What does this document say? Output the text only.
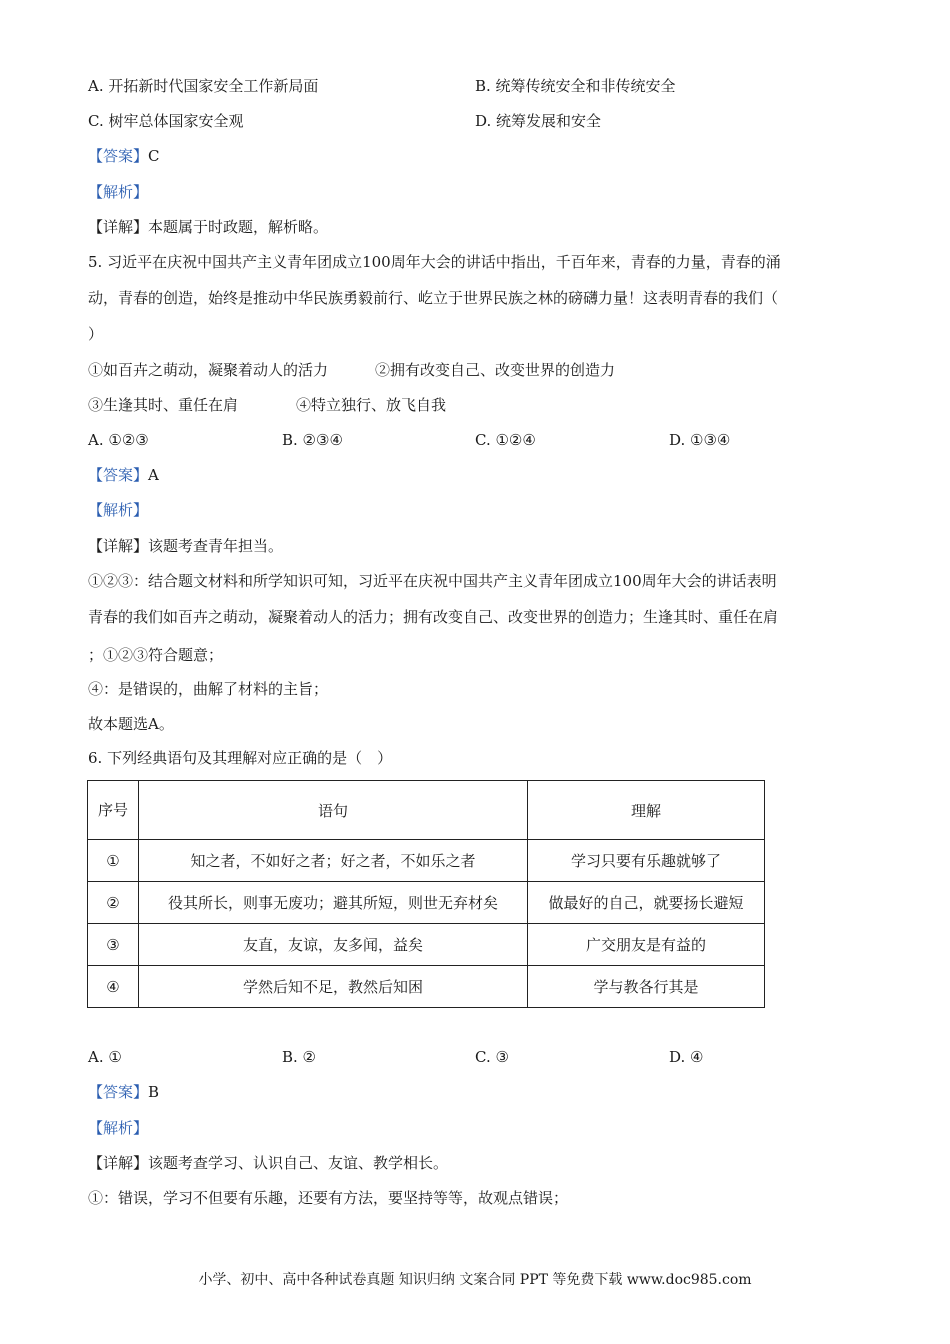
A. 开拓新时代国家安全工作新局面	B. 统筹传统安全和非传统安全
C. 树牢总体国家安全观	D. 统筹发展和安全
【答案】C
【解析】
【详解】本题属于时政题，解析略。
5. 习近平在庆祝中国共产主义青年团成立100周年大会的讲话中指出，千百年来，青春的力量，青春的涌
动，青春的创造，始终是推动中华民族勇毅前行、屹立于世界民族之林的磅礴力量！这表明青春的我们（
）
①如百卉之萌动，凝聚着动人的活力	②拥有改变自己、改变世界的创造力
③生逢其时、重任在肩	④特立独行、放飞自我
A. ①②③	B. ②③④	C. ①②④	D. ①③④
【答案】A
【解析】
【详解】该题考查青年担当。
①②③：结合题文材料和所学知识可知，习近平在庆祝中国共产主义青年团成立100周年大会的讲话表明
青春的我们如百卉之萌动，凝聚着动人的活力；拥有改变自己、改变世界的创造力；生逢其时、重任在肩
；①②③符合题意；
④：是错误的，曲解了材料的主旨；
故本题选A。
6. 下列经典语句及其理解对应正确的是（　）
序号	语句	理解
①	知之者，不如好之者；好之者，不如乐之者	学习只要有乐趣就够了
②	役其所长，则事无废功；避其所短，则世无弃材矣	做最好的自己，就要扬长避短
③	友直，友谅，友多闻，益矣	广交朋友是有益的
④	学然后知不足，教然后知困	学与教各行其是
A. ①	B. ②	C. ③	D. ④
【答案】B
【解析】
【详解】该题考查学习、认识自己、友谊、教学相长。
①：错误，学习不但要有乐趣，还要有方法，要坚持等等，故观点错误；
小学、初中、高中各种试卷真题 知识归纳 文案合同 PPT 等免费下载 www.doc985.com
